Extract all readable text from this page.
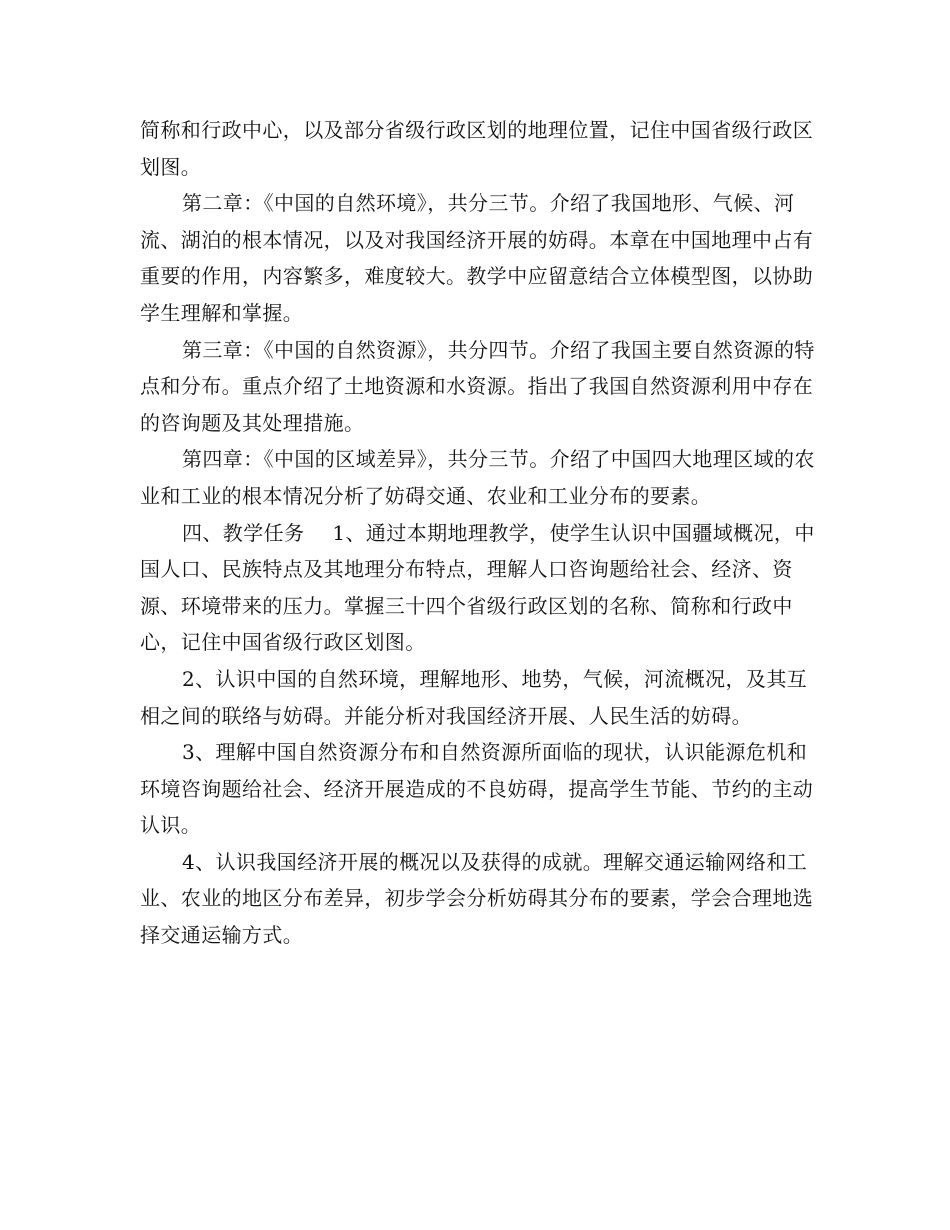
简称和行政中心，以及部分省级行政区划的地理位置，记住中国省级行政区划图。

第二章：《中国的自然环境》，共分三节。介绍了我国地形、气候、河流、湖泊的根本情况，以及对我国经济开展的妨碍。本章在中国地理中占有重要的作用，内容繁多，难度较大。教学中应留意结合立体模型图，以协助学生理解和掌握。

第三章：《中国的自然资源》，共分四节。介绍了我国主要自然资源的特点和分布。重点介绍了土地资源和水资源。指出了我国自然资源利用中存在的咨询题及其处理措施。

第四章：《中国的区域差异》，共分三节。介绍了中国四大地理区域的农业和工业的根本情况分析了妨碍交通、农业和工业分布的要素。

四、教学任务 1、通过本期地理教学，使学生认识中国疆域概况，中国人口、民族特点及其地理分布特点，理解人口咨询题给社会、经济、资源、环境带来的压力。掌握三十四个省级行政区划的名称、简称和行政中心，记住中国省级行政区划图。

2、认识中国的自然环境，理解地形、地势，气候，河流概况，及其互相之间的联络与妨碍。并能分析对我国经济开展、人民生活的妨碍。

3、理解中国自然资源分布和自然资源所面临的现状，认识能源危机和环境咨询题给社会、经济开展造成的不良妨碍，提高学生节能、节约的主动认识。

4、认识我国经济开展的概况以及获得的成就。理解交通运输网络和工业、农业的地区分布差异，初步学会分析妨碍其分布的要素，学会合理地选择交通运输方式。
